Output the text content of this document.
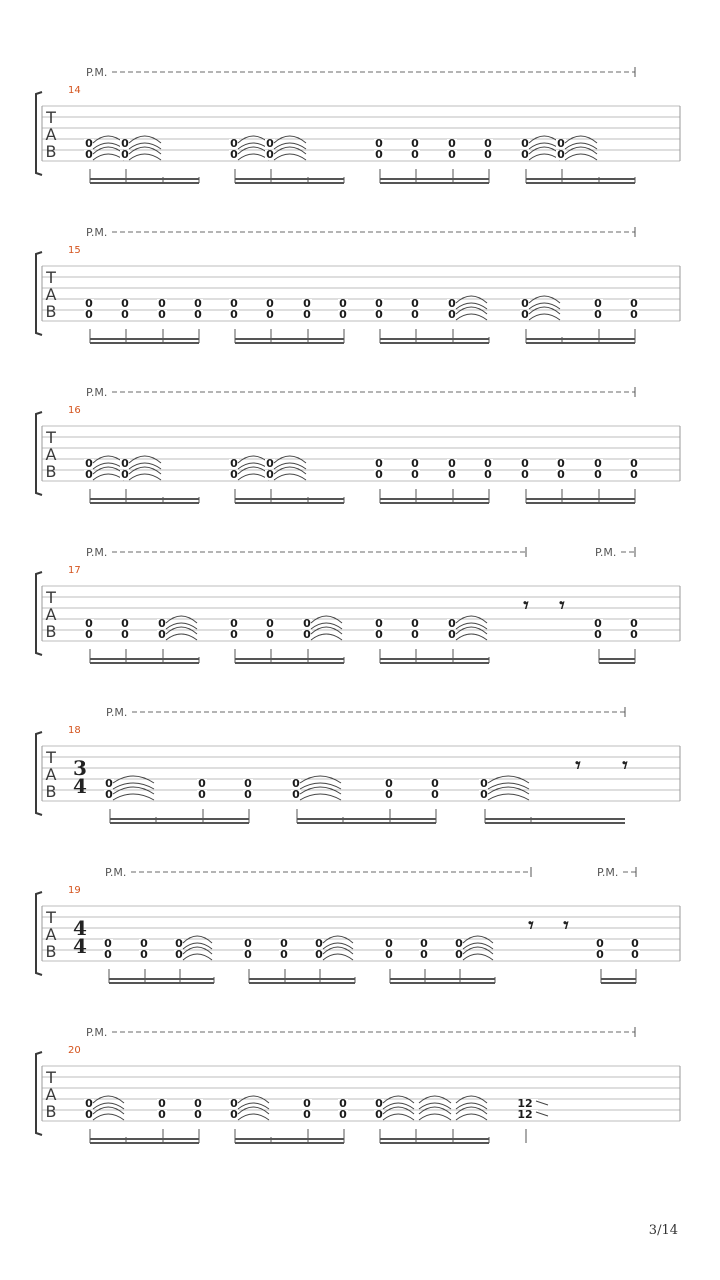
T
A
B
14
P.M.
0
0
0
0
0
0
0
0
0
0
0
0
0
0
0
0
0
0
0
0
T
A
B
15
P.M.
0
0
0
0
0
0
0
0
0
0
0
0
0
0
0
0
0
0
0
0
0
0
0
0
0
0
0
0
T
A
B
16
P.M.
0
0
0
0
0
0
0
0
0
0
0
0
0
0
0
0
0
0
0
0
0
0
0
0
T
A
B
17
P.M.	P.M.
0
0
0
0
0
0
0
0
0
0
0
0
0
0
0
0
0
0
𝄾 𝄾
0
0
0
0
T
A
B
18
3
4
P.M.
0
0
0
0
0
0
0
0
0
0
0
0
0
0
𝄾 𝄾
T
A
B
19
4
4
P.M.	P.M.
0
0
0
0
0
0
0
0
0
0
0
0
0
0
0
0
0
0
𝄾 𝄾
0
0
0
0
T
A
B
20
P.M.
0
0
0
0
0
0
0
0
0
0
0
0
0
0
12
12
3/14
